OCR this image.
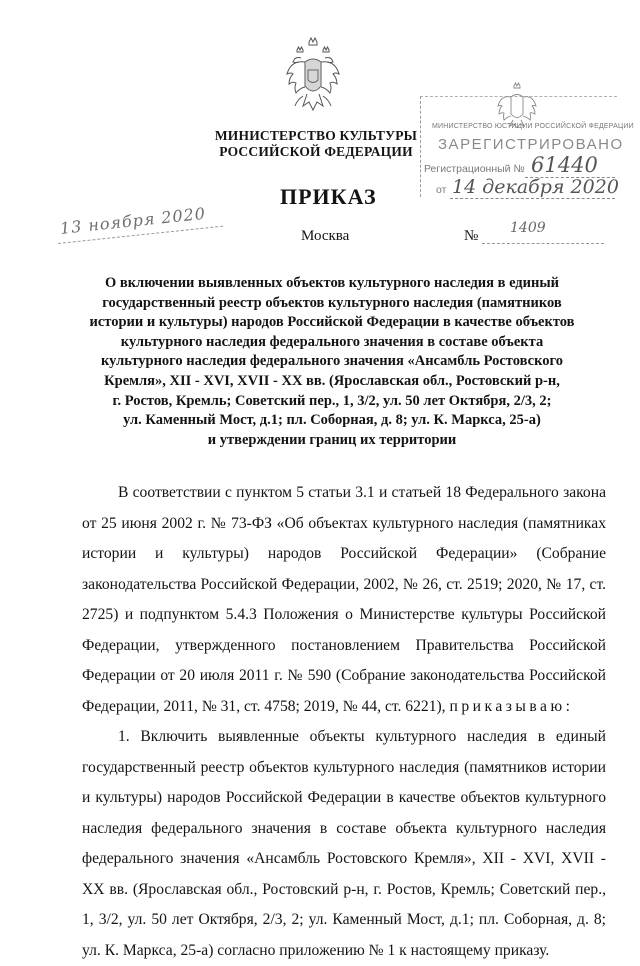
МИНИСТЕРСТВО КУЛЬТУРЫ
РОССИЙСКОЙ ФЕДЕРАЦИИ
МИНИСТЕРСТВО ЮСТИЦИИ РОССИЙСКОЙ ФЕДЕРАЦИИ
ЗАРЕГИСТРИРОВАНО
Регистрационный № 61440
от 14 декабря 2020
ПРИКАЗ
13 ноября 2020	Москва	№ 1409
О включении выявленных объектов культурного наследия в единый
государственный реестр объектов культурного наследия (памятников
истории и культуры) народов Российской Федерации в качестве объектов
культурного наследия федерального значения в составе объекта
культурного наследия федерального значения «Ансамбль Ростовского
Кремля», XII - XVI, XVII - XX вв. (Ярославская обл., Ростовский р-н,
г. Ростов, Кремль; Советский пер., 1, 3/2, ул. 50 лет Октября, 2/3, 2;
ул. Каменный Мост, д.1; пл. Соборная, д. 8; ул. К. Маркса, 25-а)
и утверждении границ их территории

В соответствии с пунктом 5 статьи 3.1 и статьей 18 Федерального закона от 25 июня 2002 г. № 73-ФЗ «Об объектах культурного наследия (памятниках истории и культуры) народов Российской Федерации» (Собрание законодательства Российской Федерации, 2002, № 26, ст. 2519; 2020, № 17, ст. 2725) и подпунктом 5.4.3 Положения о Министерстве культуры Российской Федерации, утвержденного постановлением Правительства Российской Федерации от 20 июля 2011 г. № 590 (Собрание законодательства Российской Федерации, 2011, № 31, ст. 4758; 2019, № 44, ст. 6221), приказываю:

1. Включить выявленные объекты культурного наследия в единый государственный реестр объектов культурного наследия (памятников истории и культуры) народов Российской Федерации в качестве объектов культурного наследия федерального значения в составе объекта культурного наследия федерального значения «Ансамбль Ростовского Кремля», XII - XVI, XVII - XX вв. (Ярославская обл., Ростовский р-н, г. Ростов, Кремль; Советский пер., 1, 3/2, ул. 50 лет Октября, 2/3, 2; ул. Каменный Мост, д.1; пл. Соборная, д. 8; ул. К. Маркса, 25-а) согласно приложению № 1 к настоящему приказу.
